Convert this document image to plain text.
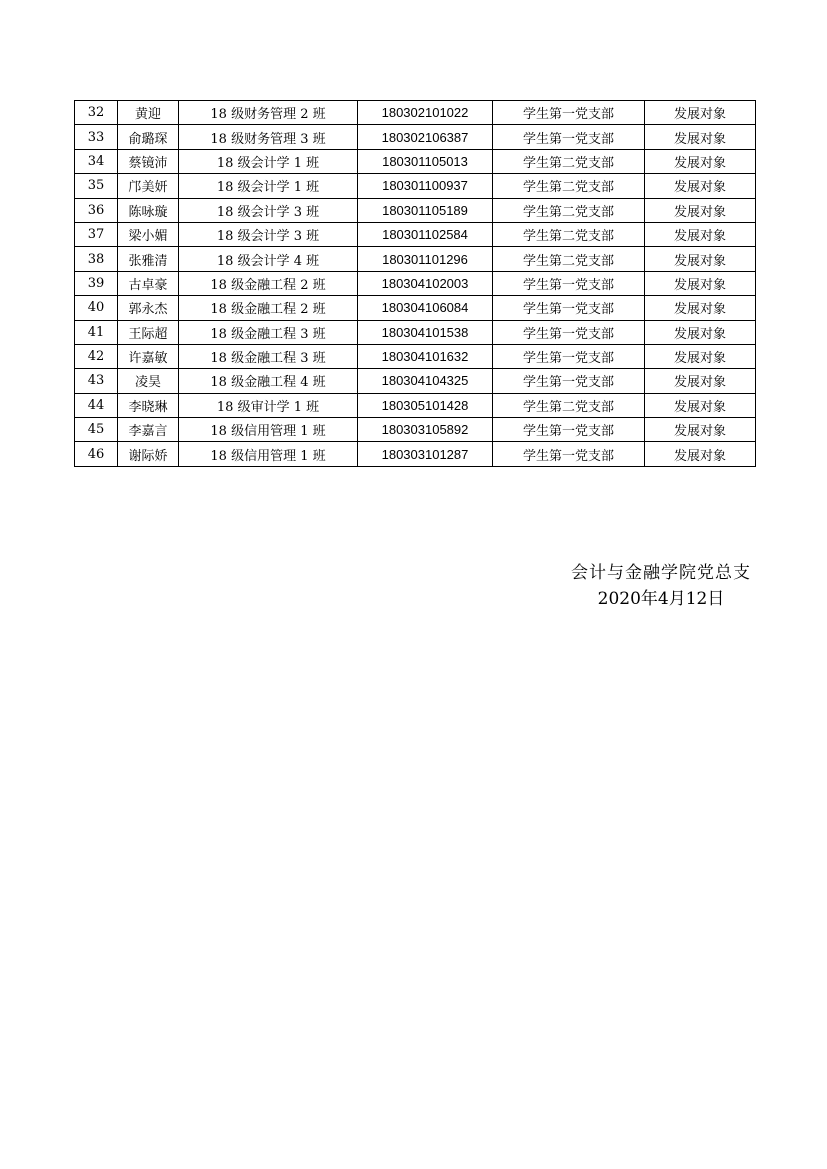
32	黄迎	18 级财务管理 2 班	180302101022	学生第一党支部	发展对象
33	俞璐琛	18 级财务管理 3 班	180302106387	学生第一党支部	发展对象
34	蔡镜沛	18 级会计学 1 班	180301105013	学生第二党支部	发展对象
35	邝美妍	18 级会计学 1 班	180301100937	学生第二党支部	发展对象
36	陈咏璇	18 级会计学 3 班	180301105189	学生第二党支部	发展对象
37	梁小媚	18 级会计学 3 班	180301102584	学生第二党支部	发展对象
38	张雅清	18 级会计学 4 班	180301101296	学生第二党支部	发展对象
39	古卓豪	18 级金融工程 2 班	180304102003	学生第一党支部	发展对象
40	郭永杰	18 级金融工程 2 班	180304106084	学生第一党支部	发展对象
41	王际超	18 级金融工程 3 班	180304101538	学生第一党支部	发展对象
42	许嘉敏	18 级金融工程 3 班	180304101632	学生第一党支部	发展对象
43	凌昊	18 级金融工程 4 班	180304104325	学生第一党支部	发展对象
44	李晓琳	18 级审计学 1 班	180305101428	学生第二党支部	发展对象
45	李嘉言	18 级信用管理 1 班	180303105892	学生第一党支部	发展对象
46	谢际娇	18 级信用管理 1 班	180303101287	学生第一党支部	发展对象
会计与金融学院党总支
2020年4月12日
